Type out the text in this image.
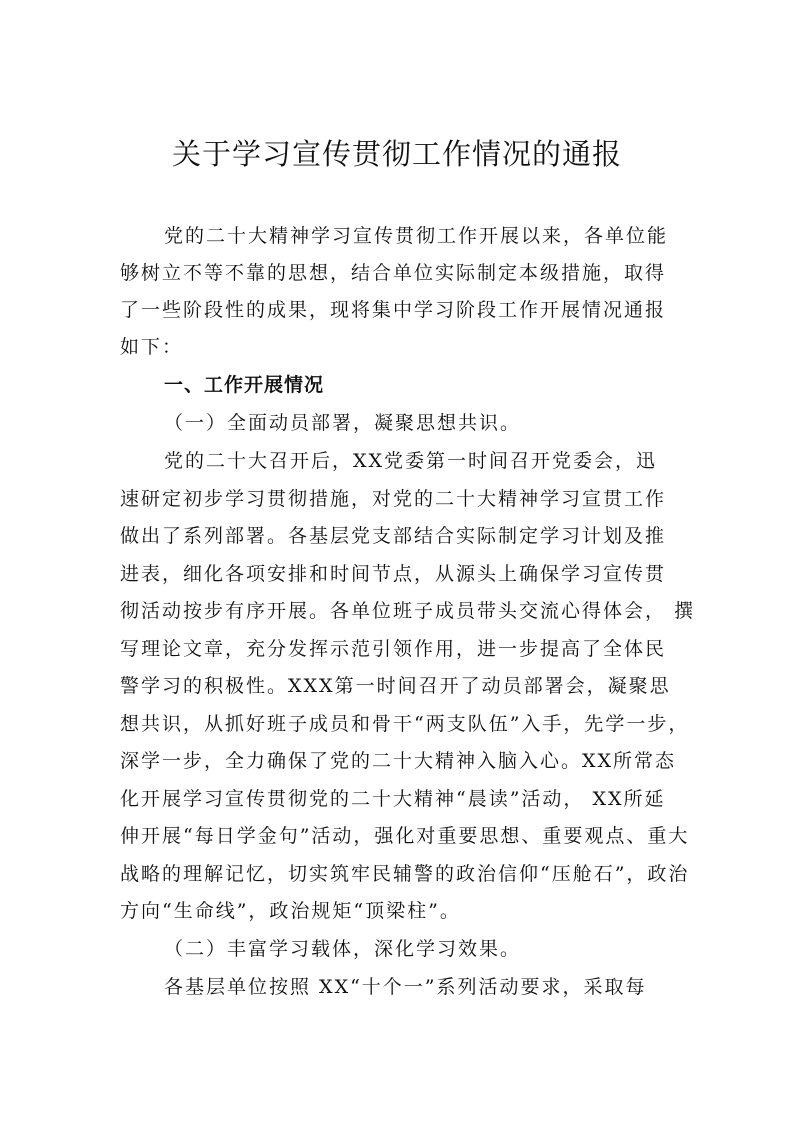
关于学习宣传贯彻工作情况的通报
党的二十大精神学习宣传贯彻工作开展以来，各单位能
够树立不等不靠的思想，结合单位实际制定本级措施，取得
了一些阶段性的成果，现将集中学习阶段工作开展情况通报
如下：
一、工作开展情况
（一）全面动员部署，凝聚思想共识。
党的二十大召开后，XX党委第一时间召开党委会，迅
速研定初步学习贯彻措施，对党的二十大精神学习宣贯工作
做出了系列部署。各基层党支部结合实际制定学习计划及推
进表，细化各项安排和时间节点，从源头上确保学习宣传贯
彻活动按步有序开展。各单位班子成员带头交流心得体会， 撰
写理论文章，充分发挥示范引领作用，进一步提高了全体民
警学习的积极性。XXX第一时间召开了动员部署会，凝聚思
想共识，从抓好班子成员和骨干“两支队伍”入手，先学一步，
深学一步，全力确保了党的二十大精神入脑入心。XX所常态
化开展学习宣传贯彻党的二十大精神“晨读”活动， XX所延
伸开展“每日学金句”活动，强化对重要思想、重要观点、重大
战略的理解记忆，切实筑牢民辅警的政治信仰“压舱石”，政治
方向“生命线”，政治规矩“顶梁柱”。
（二）丰富学习载体，深化学习效果。
各基层单位按照 XX“十个一”系列活动要求，采取每
